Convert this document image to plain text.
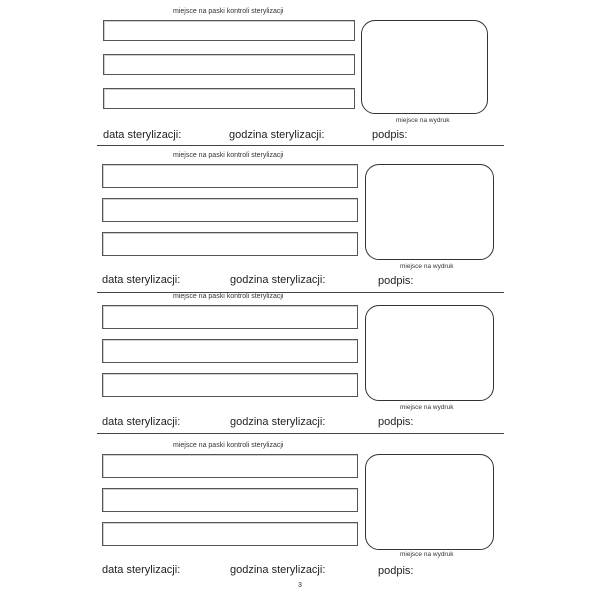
miejsce na paski kontroli sterylizacji
miejsce na wydruk
data sterylizacji:	godzina sterylizacji:	podpis:
miejsce na paski kontroli sterylizacji
miejsce na wydruk
data sterylizacji:	godzina sterylizacji:	podpis:
miejsce na paski kontroli sterylizacji
miejsce na wydruk
data sterylizacji:	godzina sterylizacji:	podpis:
miejsce na paski kontroli sterylizacji
miejsce na wydruk
data sterylizacji:	godzina sterylizacji:	podpis:
3
